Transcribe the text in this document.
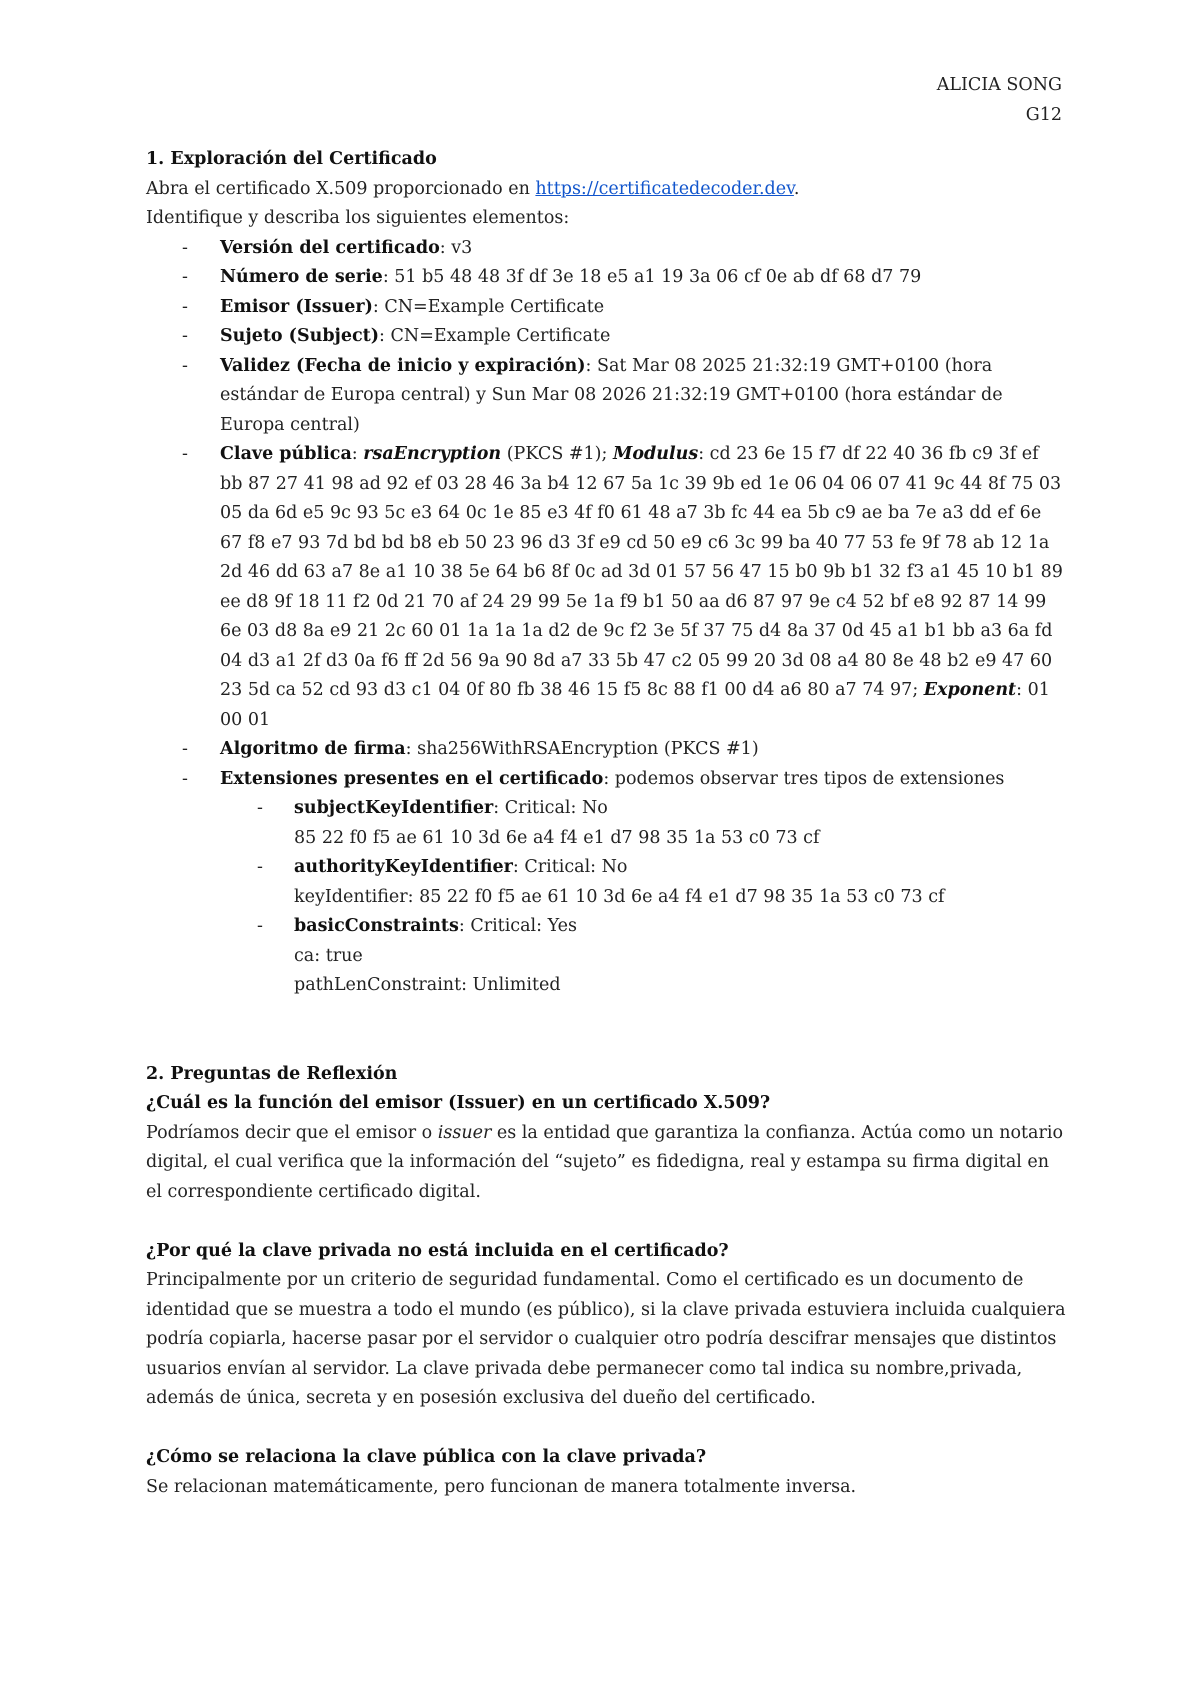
ALICIA SONG
G12
1. Exploración del Certificado
Abra el certificado X.509 proporcionado en https://certificatedecoder.dev.
Identifique y describa los siguientes elementos:
- Versión del certificado: v3
- Número de serie: 51 b5 48 48 3f df 3e 18 e5 a1 19 3a 06 cf 0e ab df 68 d7 79
- Emisor (Issuer): CN=Example Certificate
- Sujeto (Subject): CN=Example Certificate
- Validez (Fecha de inicio y expiración): Sat Mar 08 2025 21:32:19 GMT+0100 (hora estándar de Europa central) y Sun Mar 08 2026 21:32:19 GMT+0100 (hora estándar de Europa central)
- Clave pública: rsaEncryption (PKCS #1); Modulus: cd 23 6e 15 f7 df 22 40 36 fb c9 3f ef bb 87 27 41 98 ad 92 ef 03 28 46 3a b4 12 67 5a 1c 39 9b ed 1e 06 04 06 07 41 9c 44 8f 75 03 05 da 6d e5 9c 93 5c e3 64 0c 1e 85 e3 4f f0 61 48 a7 3b fc 44 ea 5b c9 ae ba 7e a3 dd ef 6e 67 f8 e7 93 7d bd bd b8 eb 50 23 96 d3 3f e9 cd 50 e9 c6 3c 99 ba 40 77 53 fe 9f 78 ab 12 1a 2d 46 dd 63 a7 8e a1 10 38 5e 64 b6 8f 0c ad 3d 01 57 56 47 15 b0 9b b1 32 f3 a1 45 10 b1 89 ee d8 9f 18 11 f2 0d 21 70 af 24 29 99 5e 1a f9 b1 50 aa d6 87 97 9e c4 52 bf e8 92 87 14 99 6e 03 d8 8a e9 21 2c 60 01 1a 1a 1a d2 de 9c f2 3e 5f 37 75 d4 8a 37 0d 45 a1 b1 bb a3 6a fd 04 d3 a1 2f d3 0a f6 ff 2d 56 9a 90 8d a7 33 5b 47 c2 05 99 20 3d 08 a4 80 8e 48 b2 e9 47 60 23 5d ca 52 cd 93 d3 c1 04 0f 80 fb 38 46 15 f5 8c 88 f1 00 d4 a6 80 a7 74 97; Exponent: 01 00 01
- Algoritmo de firma: sha256WithRSAEncryption (PKCS #1)
- Extensiones presentes en el certificado: podemos observar tres tipos de extensiones
- subjectKeyIdentifier: Critical: No
85 22 f0 f5 ae 61 10 3d 6e a4 f4 e1 d7 98 35 1a 53 c0 73 cf
- authorityKeyIdentifier: Critical: No
keyIdentifier: 85 22 f0 f5 ae 61 10 3d 6e a4 f4 e1 d7 98 35 1a 53 c0 73 cf
- basicConstraints: Critical: Yes
ca: true
pathLenConstraint: Unlimited
2. Preguntas de Reflexión
¿Cuál es la función del emisor (Issuer) en un certificado X.509?
Podríamos decir que el emisor o issuer es la entidad que garantiza la confianza. Actúa como un notario digital, el cual verifica que la información del “sujeto” es fidedigna, real y estampa su firma digital en el correspondiente certificado digital.
¿Por qué la clave privada no está incluida en el certificado?
Principalmente por un criterio de seguridad fundamental. Como el certificado es un documento de identidad que se muestra a todo el mundo (es público), si la clave privada estuviera incluida cualquiera podría copiarla, hacerse pasar por el servidor o cualquier otro podría descifrar mensajes que distintos usuarios envían al servidor. La clave privada debe permanecer como tal indica su nombre,privada, además de única, secreta y en posesión exclusiva del dueño del certificado.
¿Cómo se relaciona la clave pública con la clave privada?
Se relacionan matemáticamente, pero funcionan de manera totalmente inversa.
